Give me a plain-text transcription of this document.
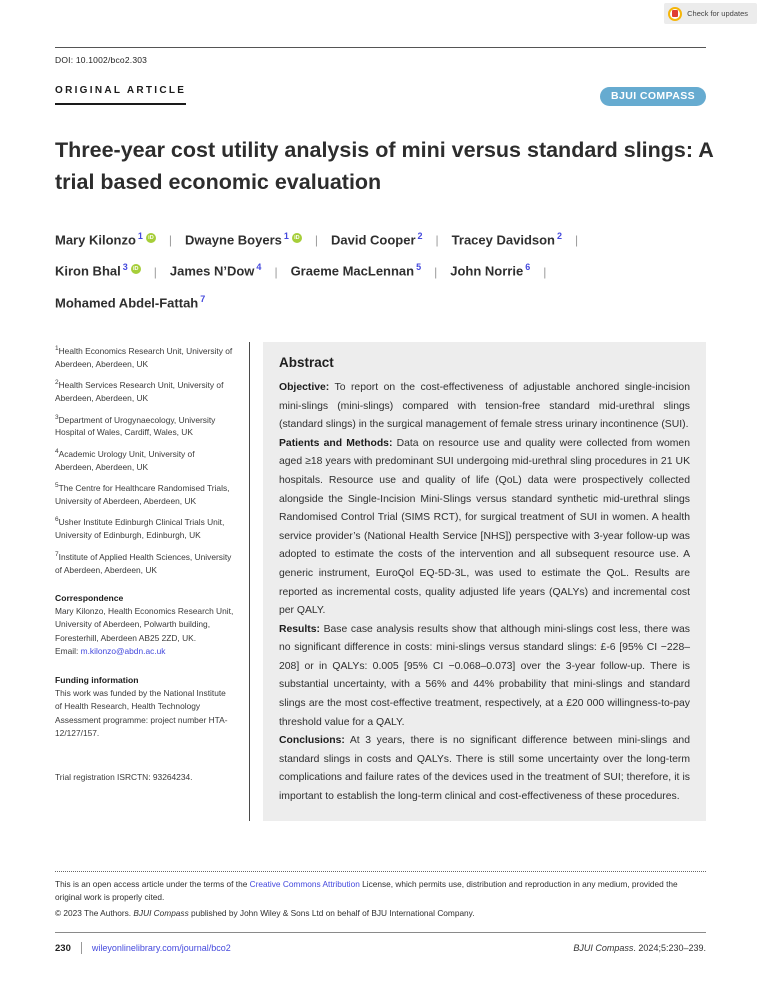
Check for updates
DOI: 10.1002/bco2.303
ORIGINAL ARTICLE	BJUI COMPASS
Three-year cost utility analysis of mini versus standard slings: A trial based economic evaluation
Mary Kilonzo $^1$ iD | Dwayne Boyers $^1$ iD | David Cooper $^2$ | Tracey Davidson $^2$ |Kiron Bhal $^3$ iD | James N’Dow $^4$ | Graeme MacLennan $^5$ | John Norrie $^6$ |Mohamed Abdel-Fattah $^7$
$^1$Health Economics Research Unit, University of Aberdeen, Aberdeen, UK
$^2$Health Services Research Unit, University of Aberdeen, Aberdeen, UK
$^3$Department of Urogynaecology, University Hospital of Wales, Cardiff, Wales, UK
$^4$Academic Urology Unit, University of Aberdeen, Aberdeen, UK
$^5$The Centre for Healthcare Randomised Trials, University of Aberdeen, Aberdeen, UK
$^6$Usher Institute Edinburgh Clinical Trials Unit, University of Edinburgh, Edinburgh, UK
$^7$Institute of Applied Health Sciences, University of Aberdeen, Aberdeen, UK
Correspondence
Mary Kilonzo, Health Economics Research Unit, University of Aberdeen, Polwarth building, Foresterhill, Aberdeen AB25 2ZD, UK.
Email: m.kilonzo@abdn.ac.uk
Funding information
This work was funded by the National Institute of Health Research, Health Technology Assessment programme: project number HTA-12/127/157.
Trial registration ISRCTN: 93264234.
Abstract

Objective: To report on the cost-effectiveness of adjustable anchored single-incision mini-slings (mini-slings) compared with tension-free standard mid-urethral slings (standard slings) in the surgical management of female stress urinary incontinence (SUI).

Patients and Methods: Data on resource use and quality were collected from women aged ≥18 years with predominant SUI undergoing mid-urethral sling procedures in 21 UK hospitals. Resource use and quality of life (QoL) data were prospectively collected alongside the Single-Incision Mini-Slings versus standard synthetic mid-urethral slings Randomised Control Trial (SIMS RCT), for surgical treatment of SUI in women. A health service provider’s (National Health Service [NHS]) perspective with 3-year follow-up was adopted to estimate the costs of the intervention and all subsequent resource use. A generic instrument, EuroQol EQ-5D-3L, was used to estimate the QoL. Results are reported as incremental costs, quality adjusted life years (QALYs) and incremental cost per QALY.

Results: Base case analysis results show that although mini-slings cost less, there was no significant difference in costs: mini-slings versus standard slings: £-6 [95% CI −228–208] or in QALYs: 0.005 [95% CI −0.068–0.073] over the 3-year follow-up. There is substantial uncertainty, with a 56% and 44% probability that mini-slings and standard slings are the most cost-effective treatment, respectively, at a £20 000 willingness-to-pay threshold value for a QALY.

Conclusions: At 3 years, there is no significant difference between mini-slings and standard slings in costs and QALYs. There is still some uncertainty over the long-term complications and failure rates of the devices used in the treatment of SUI; therefore, it is important to establish the long-term clinical and cost-effectiveness of these procedures.

This is an open access article under the terms of the Creative Commons Attribution License, which permits use, distribution and reproduction in any medium, provided the original work is properly cited.
© 2023 The Authors. BJUI Compass published by John Wiley & Sons Ltd on behalf of BJU International Company.
230 wileyonlinelibrary.com/journal/bco2	BJUI Compass. 2024;5:230–239.
